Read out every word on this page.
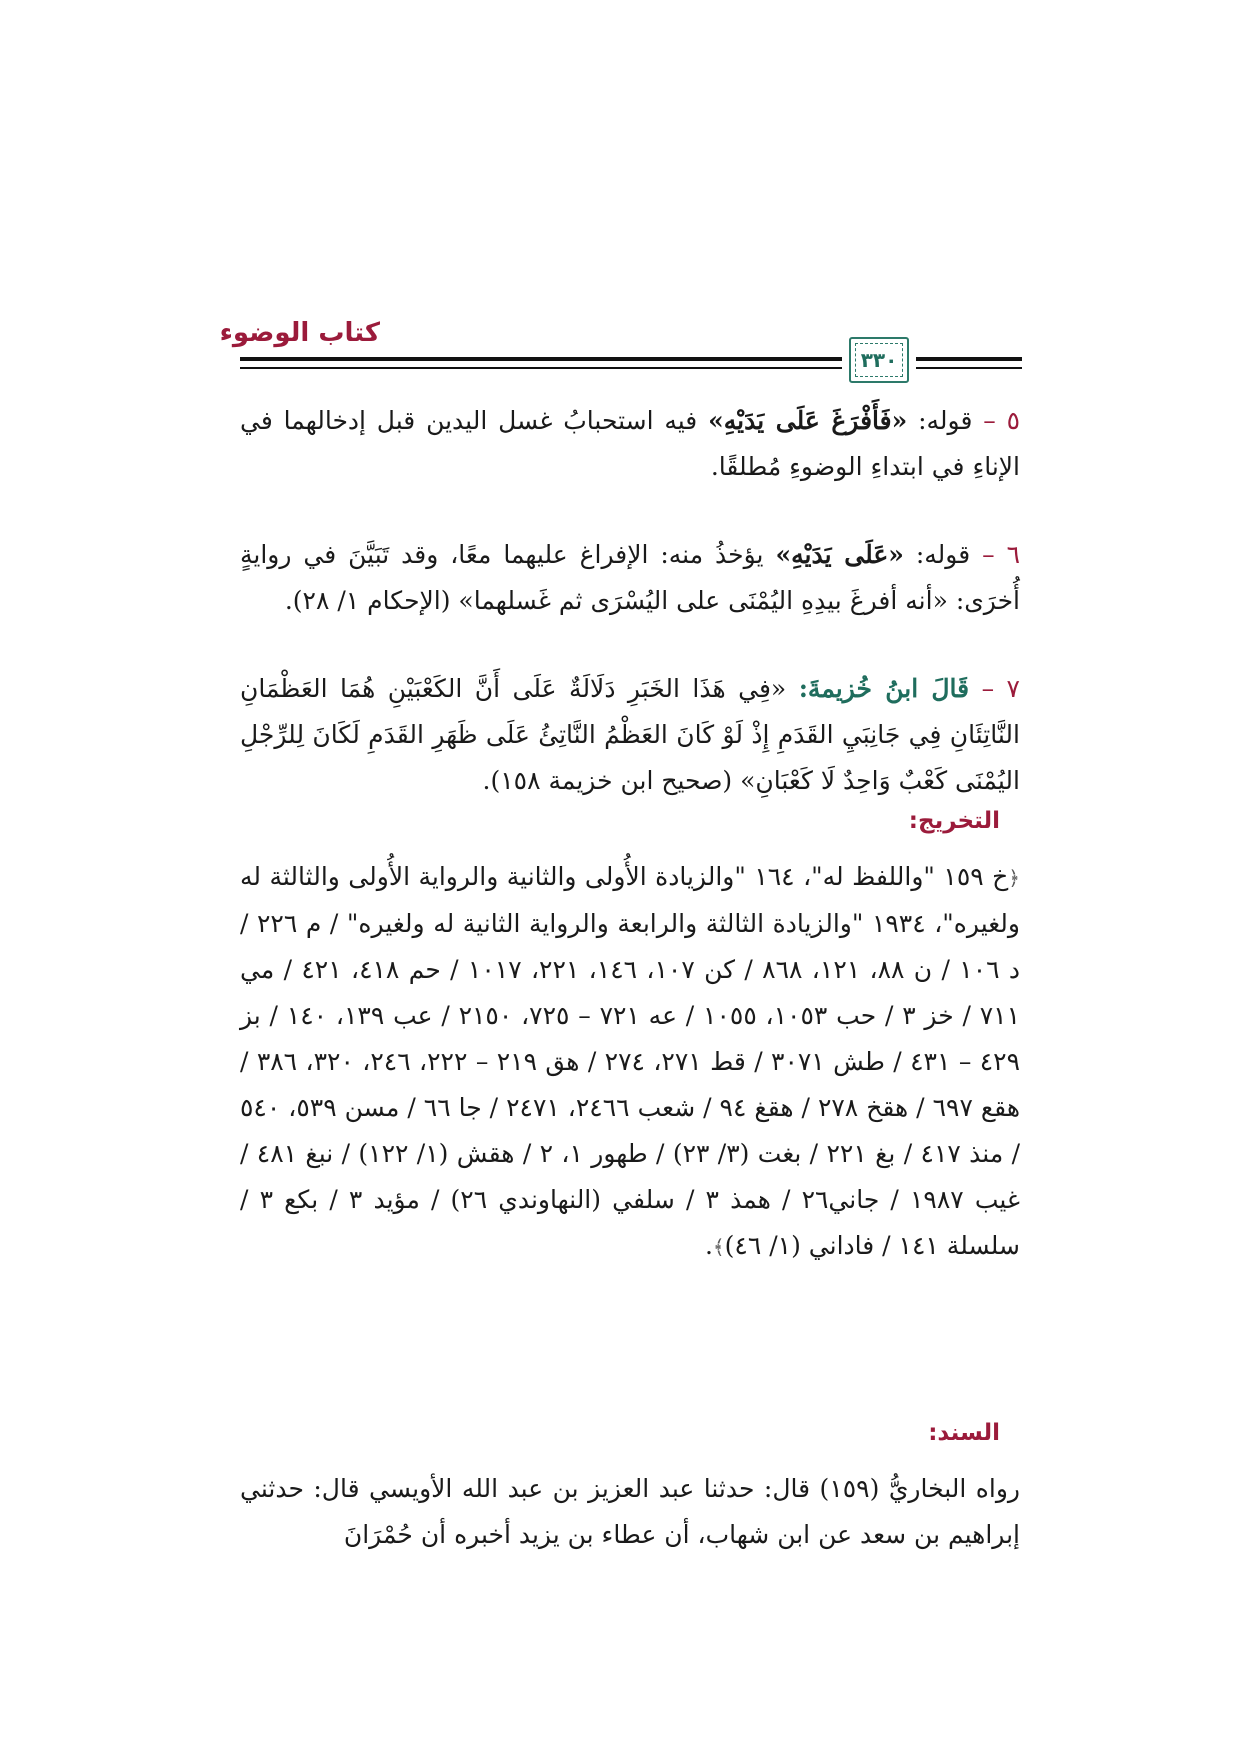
كتاب الوضوء
٣٣٠

٥ – قوله: «فَأَفْرَغَ عَلَى يَدَيْهِ» فيه استحبابُ غسل اليدين قبل إدخالهما في الإناءِ في ابتداءِ الوضوءِ مُطلقًا.

٦ – قوله: «عَلَى يَدَيْهِ» يؤخذُ منه: الإفراغ عليهما معًا، وقد تَبَيَّنَ في روايةٍ أُخرَى: «أنه أفرغَ بيدِهِ اليُمْنَى على اليُسْرَى ثم غَسلهما» (الإحكام ١/ ٢٨).

٧ – قَالَ ابنُ خُزيمةَ: «فِي هَذَا الخَبَرِ دَلَالَةٌ عَلَى أَنَّ الكَعْبَيْنِ هُمَا العَظْمَانِ النَّاتِئَانِ فِي جَانِبَيِ القَدَمِ إِذْ لَوْ كَانَ العَظْمُ النَّاتِئُ عَلَى ظَهَرِ القَدَمِ لَكَانَ لِلرِّجْلِ اليُمْنَى كَعْبٌ وَاحِدٌ لَا كَعْبَانِ» (صحيح ابن خزيمة ١٥٨).

التخريج:

﴿خ ١٥٩ "واللفظ له"، ١٦٤ "والزيادة الأُولى والثانية والرواية الأُولى والثالثة له ولغيره"، ١٩٣٤ "والزيادة الثالثة والرابعة والرواية الثانية له ولغيره" / م ٢٢٦ / د ١٠٦ / ن ٨٨، ١٢١، ٨٦٨ / كن ١٠٧، ١٤٦، ٢٢١، ١٠١٧ / حم ٤١٨، ٤٢١ / مي ٧١١ / خز ٣ / حب ١٠٥٣، ١٠٥٥ / عه ٧٢١ – ٧٢٥، ٢١٥٠ / عب ١٣٩، ١٤٠ / بز ٤٢٩ – ٤٣١ / طش ٣٠٧١ / قط ٢٧١، ٢٧٤ / هق ٢١٩ – ٢٢٢، ٢٤٦، ٣٢٠، ٣٨٦ / هقع ٦٩٧ / هقخ ٢٧٨ / هقغ ٩٤ / شعب ٢٤٦٦، ٢٤٧١ / جا ٦٦ / مسن ٥٣٩، ٥٤٠ / منذ ٤١٧ / بغ ٢٢١ / بغت (٣/ ٢٣) / طهور ١، ٢ / هقش (١/ ١٢٢) / نبغ ٤٨١ / غيب ١٩٨٧ / جاني٢٦ / همذ ٣ / سلفي (النهاوندي ٢٦) / مؤيد ٣ / بكع ٣ / سلسلة ١٤١ / فاداني (١/ ٤٦)﴾.

السند:

رواه البخاريُّ (١٥٩) قال: حدثنا عبد العزيز بن عبد الله الأويسي قال: حدثني إبراهيم بن سعد عن ابن شهاب، أن عطاء بن يزيد أخبره أن حُمْرَانَ
